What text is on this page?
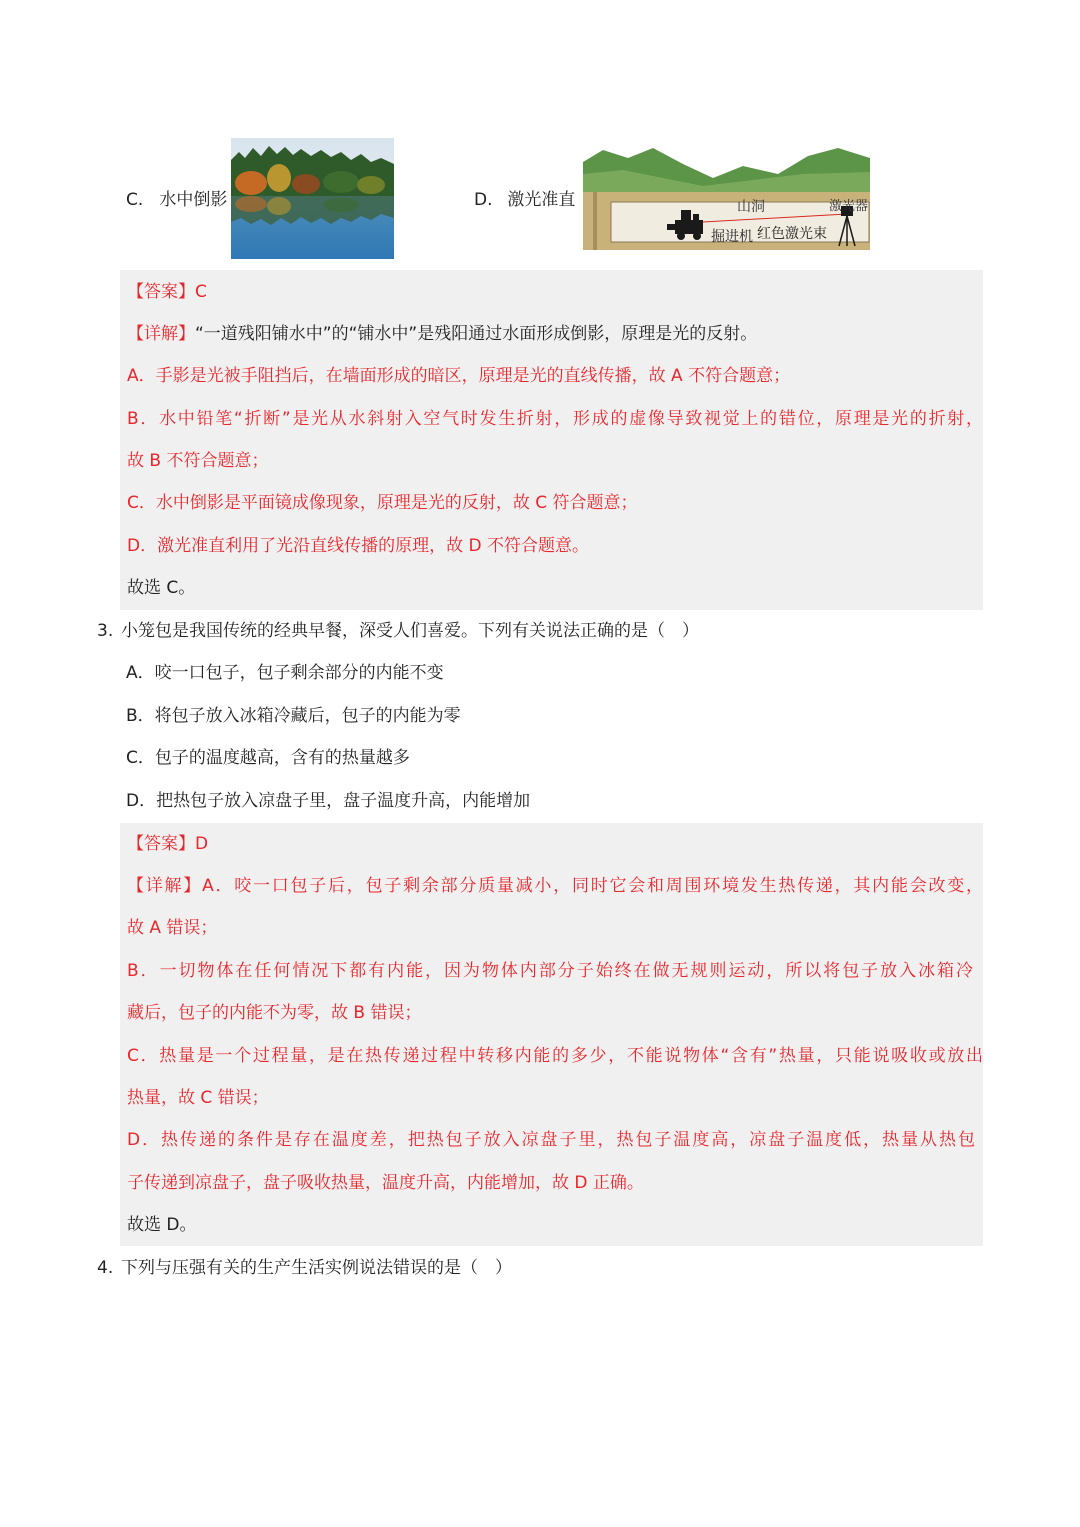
C. 水中倒影	D. 激光准直	山洞	激光器
掘进机 红色激光束
【答案】C
【详解】“一道残阳铺水中”的“铺水中”是残阳通过水面形成倒影，原理是光的反射。
A．手影是光被手阻挡后，在墙面形成的暗区，原理是光的直线传播，故 A 不符合题意；
B．水中铅笔“折断”是光从水斜射入空气时发生折射，形成的虚像导致视觉上的错位，原理是光的折射，
故 B 不符合题意；
C．水中倒影是平面镜成像现象，原理是光的反射，故 C 符合题意；
D．激光准直利用了光沿直线传播的原理，故 D 不符合题意。
故选 C。
3. 小笼包是我国传统的经典早餐，深受人们喜爱。下列有关说法正确的是（　）
A．咬一口包子，包子剩余部分的内能不变
B．将包子放入冰箱冷藏后，包子的内能为零
C．包子的温度越高，含有的热量越多
D．把热包子放入凉盘子里，盘子温度升高，内能增加
【答案】D
【详解】A．咬一口包子后，包子剩余部分质量减小，同时它会和周围环境发生热传递，其内能会改变，
故 A 错误；
B．一切物体在任何情况下都有内能，因为物体内部分子始终在做无规则运动，所以将包子放入冰箱冷
藏后，包子的内能不为零，故 B 错误；
C．热量是一个过程量，是在热传递过程中转移内能的多少，不能说物体“含有”热量，只能说吸收或放出
热量，故 C 错误；
D．热传递的条件是存在温度差，把热包子放入凉盘子里，热包子温度高，凉盘子温度低，热量从热包
子传递到凉盘子，盘子吸收热量，温度升高，内能增加，故 D 正确。
故选 D。
4. 下列与压强有关的生产生活实例说法错误的是（　）
